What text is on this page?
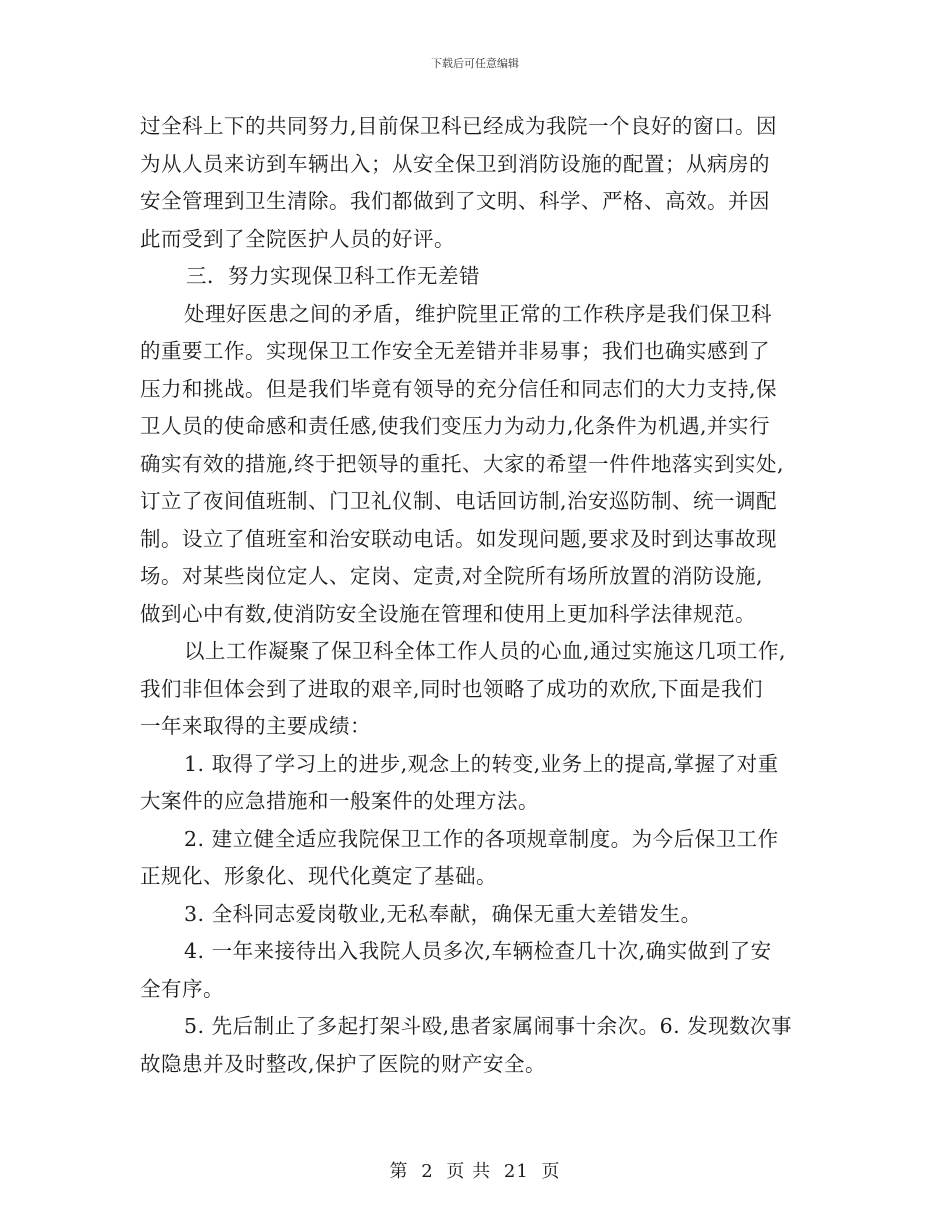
下载后可任意编辑
过全科上下的共同努力,目前保卫科已经成为我院一个良好的窗口。因
为从人员来访到车辆出入；从安全保卫到消防设施的配置；从病房的
安全管理到卫生清除。我们都做到了文明、科学、严格、高效。并因
此而受到了全院医护人员的好评。
三．努力实现保卫科工作无差错
处理好医患之间的矛盾，维护院里正常的工作秩序是我们保卫科
的重要工作。实现保卫工作安全无差错并非易事；我们也确实感到了
压力和挑战。但是我们毕竟有领导的充分信任和同志们的大力支持,保
卫人员的使命感和责任感,使我们变压力为动力,化条件为机遇,并实行
确实有效的措施,终于把领导的重托、大家的希望一件件地落实到实处,
订立了夜间值班制、门卫礼仪制、电话回访制,治安巡防制、统一调配
制。设立了值班室和治安联动电话。如发现问题,要求及时到达事故现
场。对某些岗位定人、定岗、定责,对全院所有场所放置的消防设施,
做到心中有数,使消防安全设施在管理和使用上更加科学法律规范。
以上工作凝聚了保卫科全体工作人员的心血,通过实施这几项工作,
我们非但体会到了进取的艰辛,同时也领略了成功的欢欣,下面是我们
一年来取得的主要成绩：
1. 取得了学习上的进步,观念上的转变,业务上的提高,掌握了对重
大案件的应急措施和一般案件的处理方法。
2. 建立健全适应我院保卫工作的各项规章制度。为今后保卫工作
正规化、形象化、现代化奠定了基础。
3. 全科同志爱岗敬业,无私奉献，确保无重大差错发生。
4. 一年来接待出入我院人员多次,车辆检查几十次,确实做到了安
全有序。
5. 先后制止了多起打架斗殴,患者家属闹事十余次。6. 发现数次事
故隐患并及时整改,保护了医院的财产安全。
第 2 页 共 21 页
